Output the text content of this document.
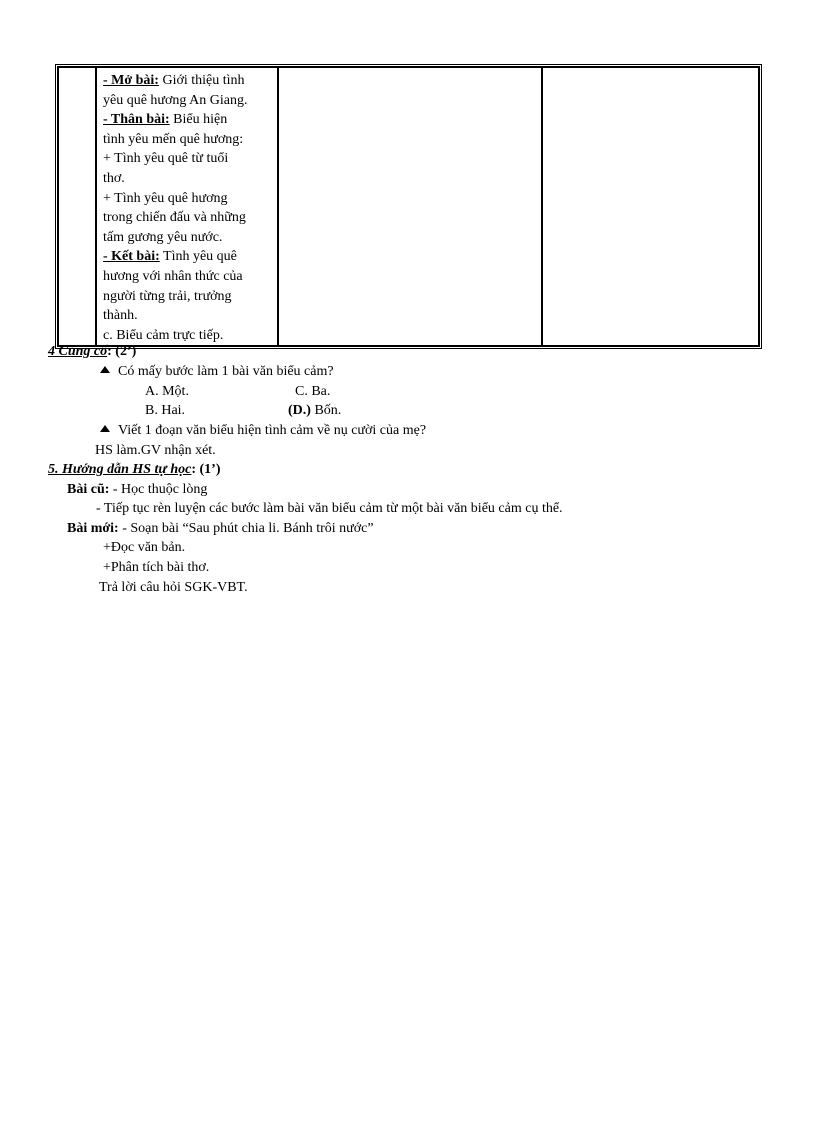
- Mở bài: Giới thiệu tình
yêu quê hương An Giang.
- Thân bài: Biểu hiện
tình yêu mến quê hương:
+ Tình yêu quê từ tuổi
thơ.
+ Tình yêu quê hương
trong chiến đấu và những
tấm gương yêu nước.
- Kết bài: Tình yêu quê
hương với nhân thức của
người từng trải, trưởng
thành.
c. Biểu cảm trực tiếp.

4 Củng cố: (2’)
Có mấy bước làm 1 bài văn biểu cảm?
A. Một.	C. Ba.
B. Hai.	(D.) Bốn.
Viết 1 đoạn văn biểu hiện tình cảm về nụ cười của mẹ?
HS làm.GV nhận xét.
5. Hướng dẫn HS tự học: (1’)
Bài cũ: - Học thuộc lòng
- Tiếp tục rèn luyện các bước làm bài văn biểu cảm từ một bài văn biểu cảm cụ thể.
Bài mới: - Soạn bài “Sau phút chia li. Bánh trôi nước”
+Đọc văn bản.
+Phân tích bài thơ.
Trả lời câu hỏi SGK-VBT.
